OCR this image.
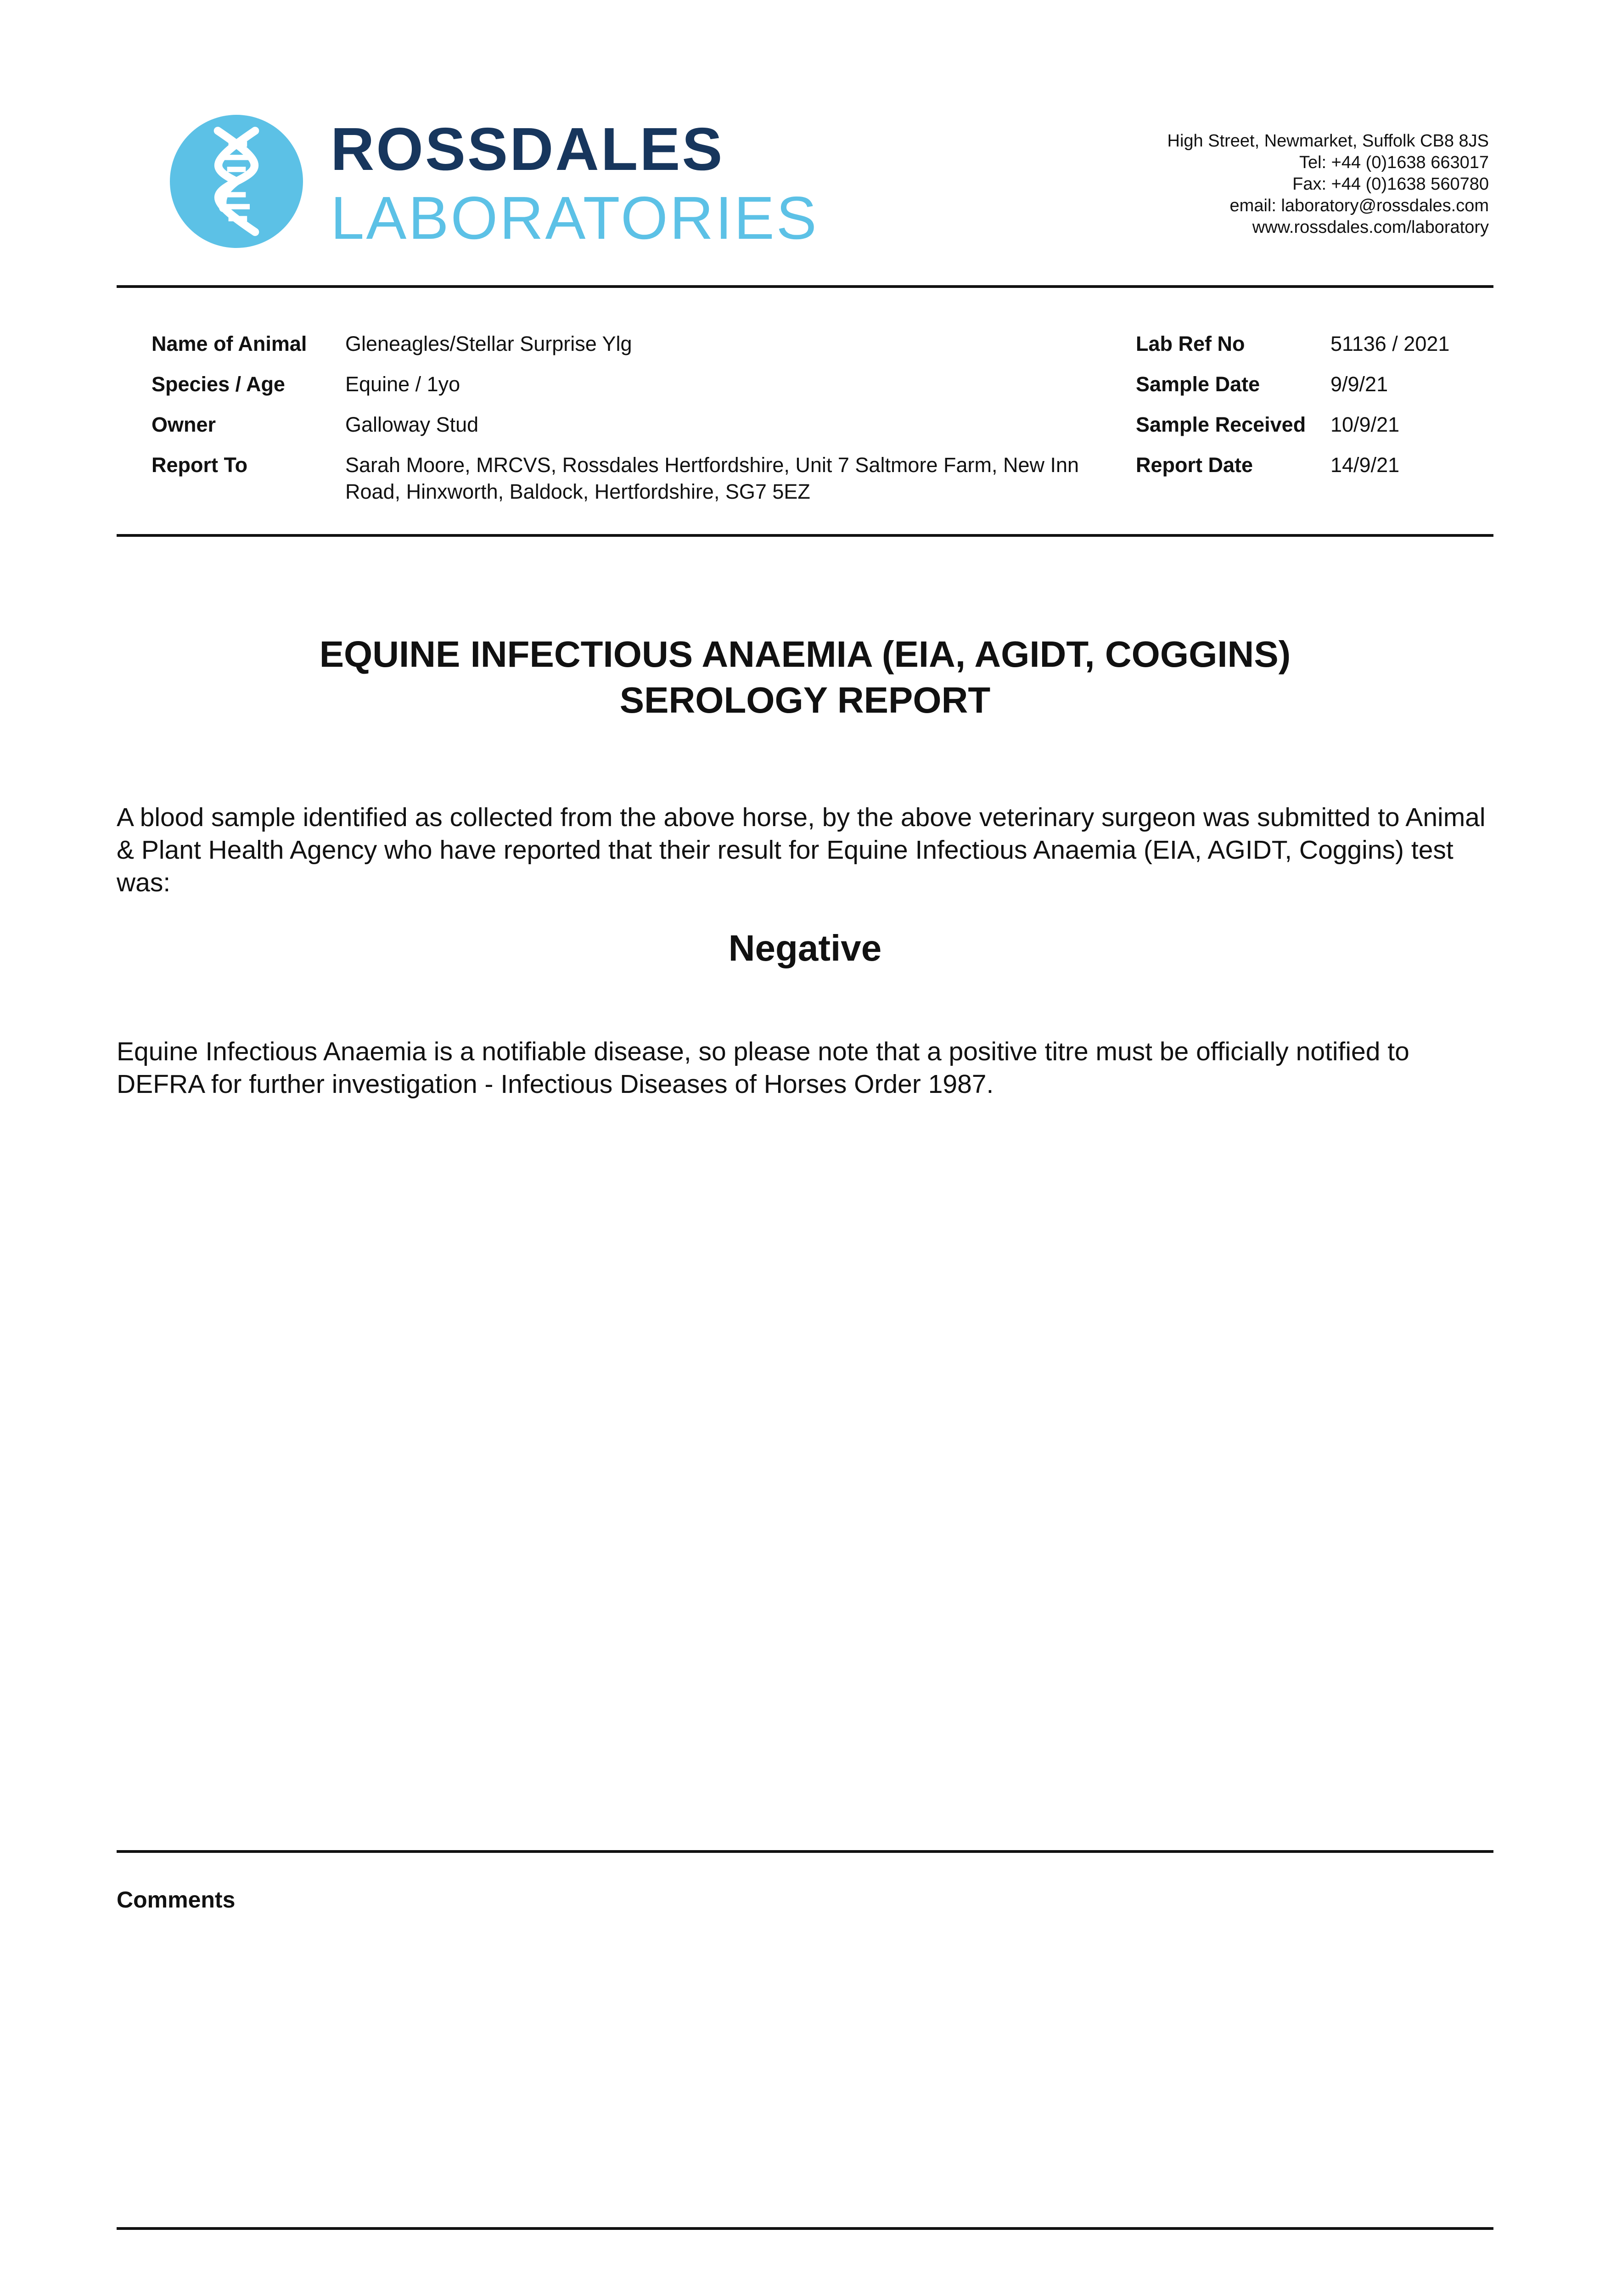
ROSSDALES
LABORATORIES
High Street, Newmarket, Suffolk CB8 8JS
Tel: +44 (0)1638 663017
Fax: +44 (0)1638 560780
email: laboratory@rossdales.com
www.rossdales.com/laboratory
Name of Animal	Gleneagles/Stellar Surprise Ylg
Species / Age	Equine / 1yo
Owner	Galloway Stud
Report To	Sarah Moore, MRCVS, Rossdales Hertfordshire, Unit 7 Saltmore Farm, New Inn Road, Hinxworth, Baldock, Hertfordshire, SG7 5EZ
Lab Ref No	51136 / 2021
Sample Date	9/9/21
Sample Received	10/9/21
Report Date	14/9/21
EQUINE INFECTIOUS ANAEMIA (EIA, AGIDT, COGGINS)
SEROLOGY REPORT
A blood sample identified as collected from the above horse, by the above veterinary surgeon was submitted to Animal & Plant Health Agency who have reported that their result for Equine Infectious Anaemia (EIA, AGIDT, Coggins) test was:
Negative
Equine Infectious Anaemia is a notifiable disease, so please note that a positive titre must be officially notified to DEFRA for further investigation - Infectious Diseases of Horses Order 1987.
Comments
